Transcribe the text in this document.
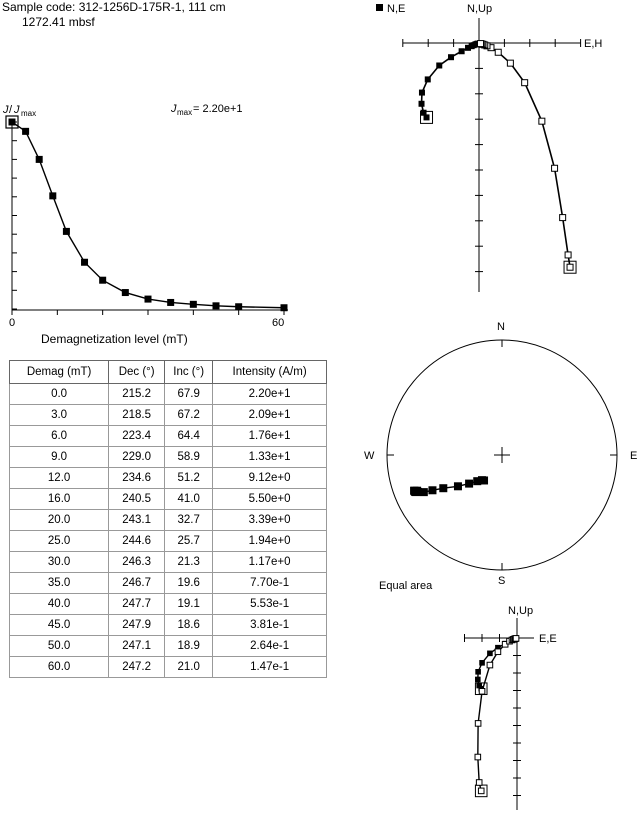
Sample code: 312-1256D-175R-1, 111 cm
1272.41 mbsf
J / J max	J max = 2.20e+1
0	60
Demagnetization level (mT)
N,E	N,Up
E,H
N
S
E
W
Equal area
N,Up
E,E
Demag (mT)	Dec (°)	Inc (°)	Intensity (A/m)
0.0	215.2	67.9	2.20e+1
3.0	218.5	67.2	2.09e+1
6.0	223.4	64.4	1.76e+1
9.0	229.0	58.9	1.33e+1
12.0	234.6	51.2	9.12e+0
16.0	240.5	41.0	5.50e+0
20.0	243.1	32.7	3.39e+0
25.0	244.6	25.7	1.94e+0
30.0	246.3	21.3	1.17e+0
35.0	246.7	19.6	7.70e-1
40.0	247.7	19.1	5.53e-1
45.0	247.9	18.6	3.81e-1
50.0	247.1	18.9	2.64e-1
60.0	247.2	21.0	1.47e-1
